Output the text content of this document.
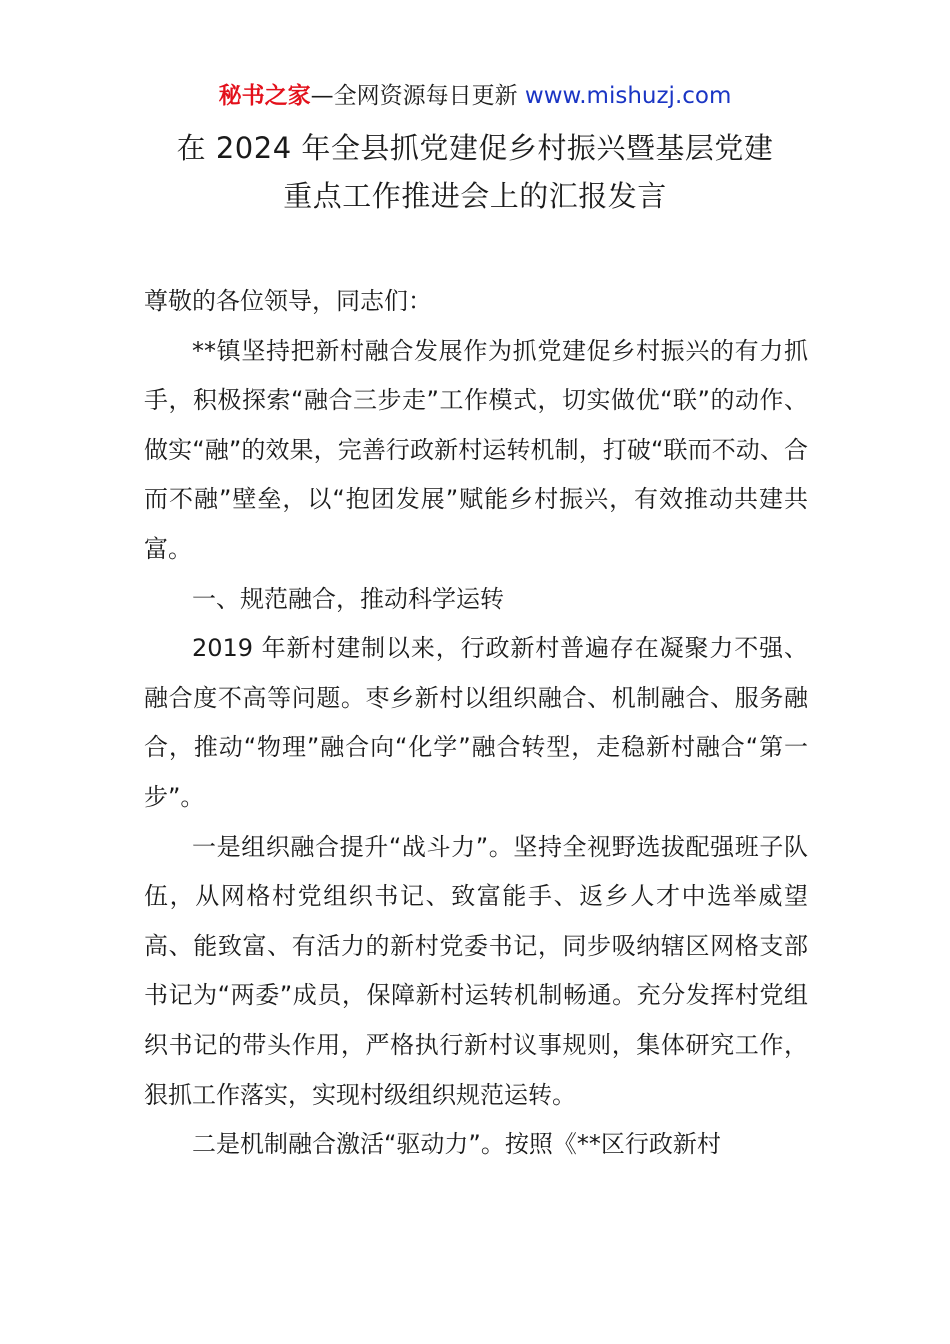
秘书之家—全网资源每日更新 www.mishuzj.com
在 2024 年全县抓党建促乡村振兴暨基层党建
重点工作推进会上的汇报发言

尊敬的各位领导，同志们：

**镇坚持把新村融合发展作为抓党建促乡村振兴的有力抓手，积极探索“融合三步走”工作模式，切实做优“联”的动作、做实“融”的效果，完善行政新村运转机制，打破“联而不动、合而不融”壁垒，以“抱团发展”赋能乡村振兴，有效推动共建共富。

一、规范融合，推动科学运转

2019 年新村建制以来，行政新村普遍存在凝聚力不强、融合度不高等问题。枣乡新村以组织融合、机制融合、服务融合，推动“物理”融合向“化学”融合转型，走稳新村融合“第一步”。

一是组织融合提升“战斗力”。坚持全视野选拔配强班子队伍，从网格村党组织书记、致富能手、返乡人才中选举威望高、能致富、有活力的新村党委书记，同步吸纳辖区网格支部书记为“两委”成员，保障新村运转机制畅通。充分发挥村党组织书记的带头作用，严格执行新村议事规则，集体研究工作，狠抓工作落实，实现村级组织规范运转。

二是机制融合激活“驱动力”。按照《**区行政新村
